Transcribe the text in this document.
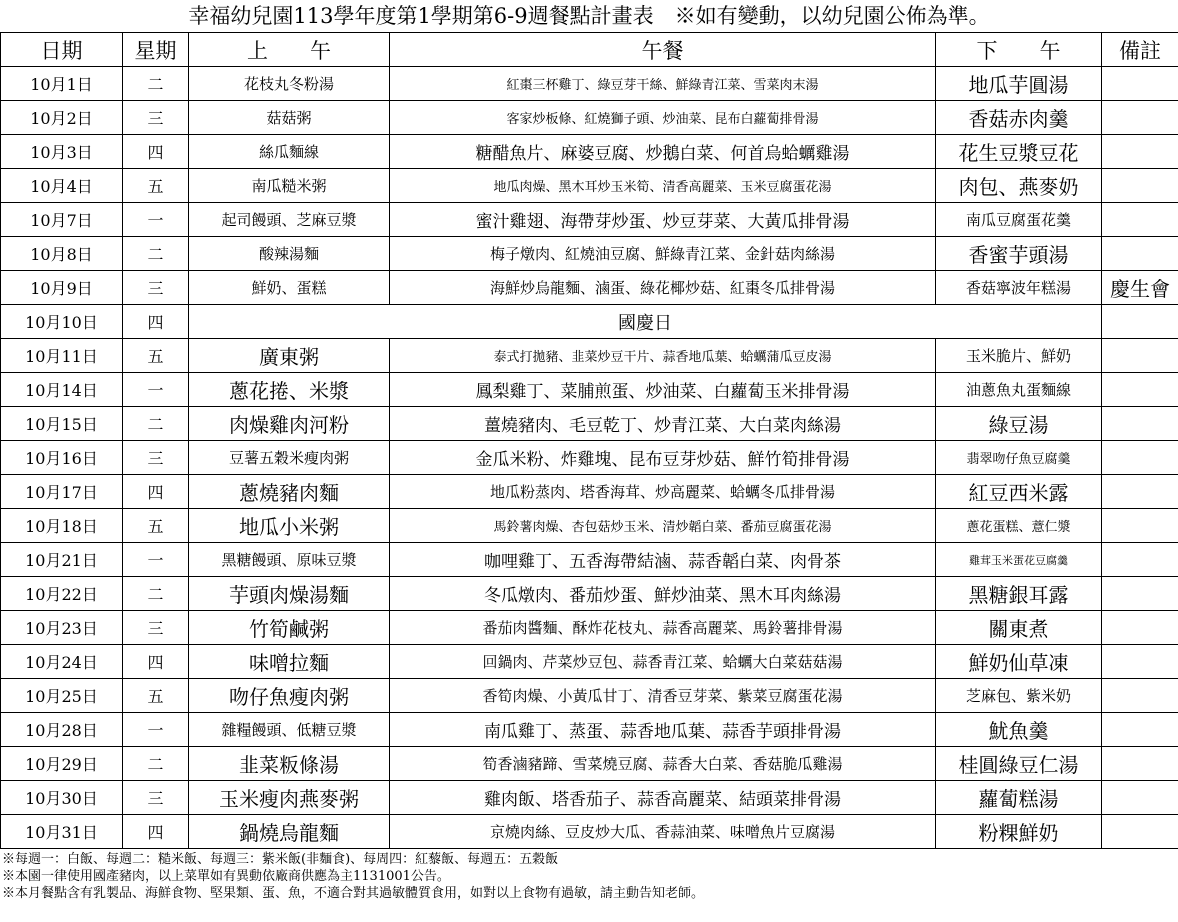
幸福幼兒園113學年度第1學期第6-9週餐點計畫表　※如有變動，以幼兒園公佈為準。
日期	星期	上　　午	午餐	下　　午	備註
10月1日	二	花枝丸冬粉湯	紅棗三杯雞丁、綠豆芽干絲、鮮綠青江菜、雪菜肉末湯	地瓜芋圓湯	
10月2日	三	菇菇粥	客家炒板條、紅燒獅子頭、炒油菜、昆布白蘿蔔排骨湯	香菇赤肉羹	
10月3日	四	絲瓜麵線	糖醋魚片、麻婆豆腐、炒鵝白菜、何首烏蛤蠣雞湯	花生豆漿豆花	
10月4日	五	南瓜糙米粥	地瓜肉燥、黑木耳炒玉米筍、清香高麗菜、玉米豆腐蛋花湯	肉包、燕麥奶	
10月7日	一	起司饅頭、芝麻豆漿	蜜汁雞翅、海帶芽炒蛋、炒豆芽菜、大黃瓜排骨湯	南瓜豆腐蛋花羹	
10月8日	二	酸辣湯麵	梅子燉肉、紅燒油豆腐、鮮綠青江菜、金針菇肉絲湯	香蜜芋頭湯	
10月9日	三	鮮奶、蛋糕	海鮮炒烏龍麵、滷蛋、綠花椰炒菇、紅棗冬瓜排骨湯	香菇寧波年糕湯	慶生會
10月10日	四	國慶日			
10月11日	五	廣東粥	泰式打拋豬、韭菜炒豆干片、蒜香地瓜葉、蛤蠣蒲瓜豆皮湯	玉米脆片、鮮奶	
10月14日	一	蔥花捲、米漿	鳳梨雞丁、菜脯煎蛋、炒油菜、白蘿蔔玉米排骨湯	油蔥魚丸蛋麵線	
10月15日	二	肉燥雞肉河粉	薑燒豬肉、毛豆乾丁、炒青江菜、大白菜肉絲湯	綠豆湯	
10月16日	三	豆薯五穀米瘦肉粥	金瓜米粉、炸雞塊、昆布豆芽炒菇、鮮竹筍排骨湯	翡翠吻仔魚豆腐羹	
10月17日	四	蔥燒豬肉麵	地瓜粉蒸肉、塔香海茸、炒高麗菜、蛤蠣冬瓜排骨湯	紅豆西米露	
10月18日	五	地瓜小米粥	馬鈴薯肉燥、杏包菇炒玉米、清炒韜白菜、番茄豆腐蛋花湯	蔥花蛋糕、薏仁漿	
10月21日	一	黑糖饅頭、原味豆漿	咖哩雞丁、五香海帶結滷、蒜香韜白菜、肉骨茶	雞茸玉米蛋花豆腐羹	
10月22日	二	芋頭肉燥湯麵	冬瓜燉肉、番茄炒蛋、鮮炒油菜、黑木耳肉絲湯	黑糖銀耳露	
10月23日	三	竹筍鹹粥	番茄肉醬麵、酥炸花枝丸、蒜香高麗菜、馬鈴薯排骨湯	關東煮	
10月24日	四	味噌拉麵	回鍋肉、芹菜炒豆包、蒜香青江菜、蛤蠣大白菜菇菇湯	鮮奶仙草凍	
10月25日	五	吻仔魚瘦肉粥	香筍肉燥、小黃瓜甘丁、清香豆芽菜、紫菜豆腐蛋花湯	芝麻包、紫米奶	
10月28日	一	雜糧饅頭、低糖豆漿	南瓜雞丁、蒸蛋、蒜香地瓜葉、蒜香芋頭排骨湯	魷魚羹	
10月29日	二	韭菜粄條湯	筍香滷豬蹄、雪菜燒豆腐、蒜香大白菜、香菇脆瓜雞湯	桂圓綠豆仁湯	
10月30日	三	玉米瘦肉燕麥粥	雞肉飯、塔香茄子、蒜香高麗菜、結頭菜排骨湯	蘿蔔糕湯	
10月31日	四	鍋燒烏龍麵	京燒肉絲、豆皮炒大瓜、香蒜油菜、味噌魚片豆腐湯	粉粿鮮奶	
※每週一：白飯、每週二：糙米飯、每週三：紫米飯(非麵食)、每周四：紅藜飯、每週五：五穀飯
※本園一律使用國產豬肉，以上菜單如有異動依廠商供應為主1131001公告。
※本月餐點含有乳製品、海鮮食物、堅果類、蛋、魚，不適合對其過敏體質食用，如對以上食物有過敏，請主動告知老師。
